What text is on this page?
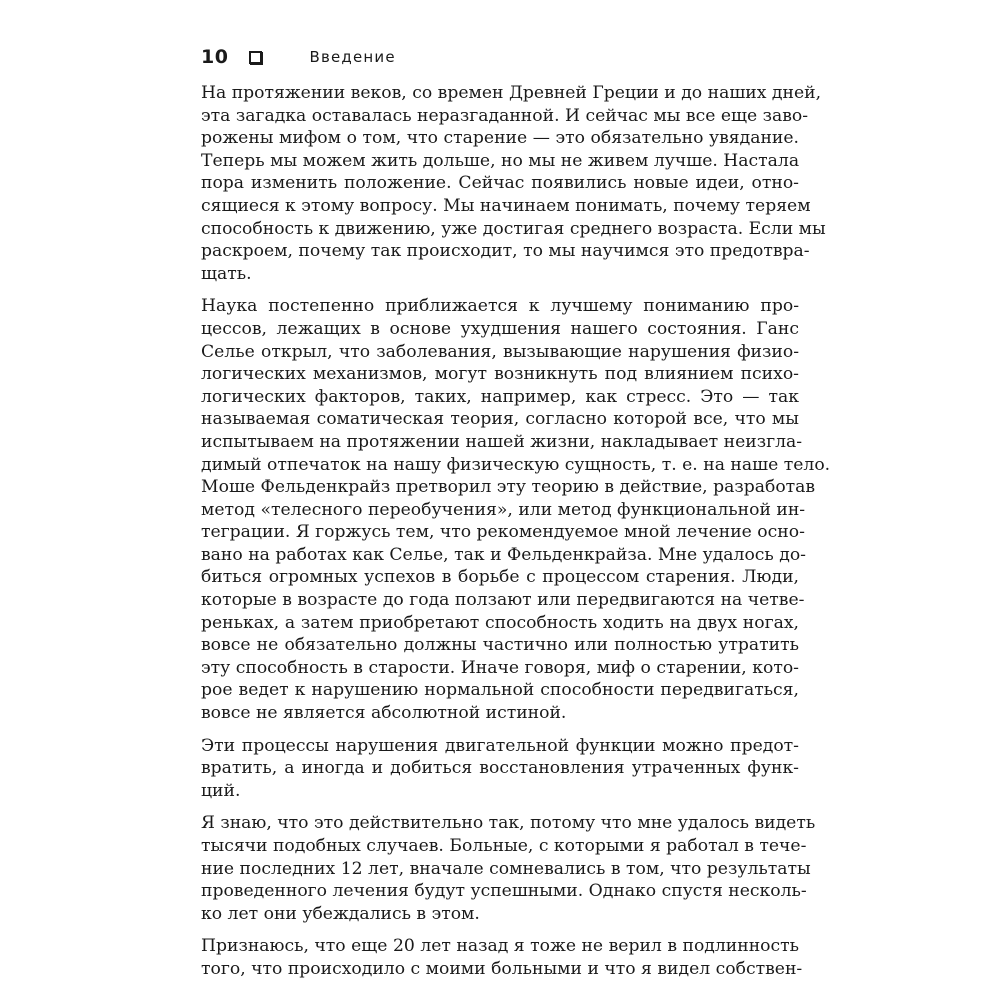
10	Введение
На протяжении веков, со времен Древней Греции и до наших дней,
эта загадка оставалась неразгаданной. И сейчас мы все еще заво-
рожены мифом о том, что старение — это обязательно увядание.
Теперь мы можем жить дольше, но мы не живем лучше. Настала
пора изменить положение. Сейчас появились новые идеи, отно-
сящиеся к этому вопросу. Мы начинаем понимать, почему теряем
способность к движению, уже достигая среднего возраста. Если мы
раскроем, почему так происходит, то мы научимся это предотвра-
щать.
Наука постепенно приближается к лучшему пониманию про-
цессов, лежащих в основе ухудшения нашего состояния. Ганс
Селье открыл, что заболевания, вызывающие нарушения физио-
логических механизмов, могут возникнуть под влиянием психо-
логических факторов, таких, например, как стресс. Это — так
называемая соматическая теория, согласно которой все, что мы
испытываем на протяжении нашей жизни, накладывает неизгла-
димый отпечаток на нашу физическую сущность, т. е. на наше тело.
Моше Фельденкрайз претворил эту теорию в действие, разработав
метод «телесного переобучения», или метод функциональной ин-
теграции. Я горжусь тем, что рекомендуемое мной лечение осно-
вано на работах как Селье, так и Фельденкрайза. Мне удалось до-
биться огромных успехов в борьбе с процессом старения. Люди,
которые в возрасте до года ползают или передвигаются на четве-
реньках, а затем приобретают способность ходить на двух ногах,
вовсе не обязательно должны частично или полностью утратить
эту способность в старости. Иначе говоря, миф о старении, кото-
рое ведет к нарушению нормальной способности передвигаться,
вовсе не является абсолютной истиной.
Эти процессы нарушения двигательной функции можно предот-
вратить, а иногда и добиться восстановления утраченных функ-
ций.
Я знаю, что это действительно так, потому что мне удалось видеть
тысячи подобных случаев. Больные, с которыми я работал в тече-
ние последних 12 лет, вначале сомневались в том, что результаты
проведенного лечения будут успешными. Однако спустя несколь-
ко лет они убеждались в этом.
Признаюсь, что еще 20 лет назад я тоже не верил в подлинность
того, что происходило с моими больными и что я видел собствен-
